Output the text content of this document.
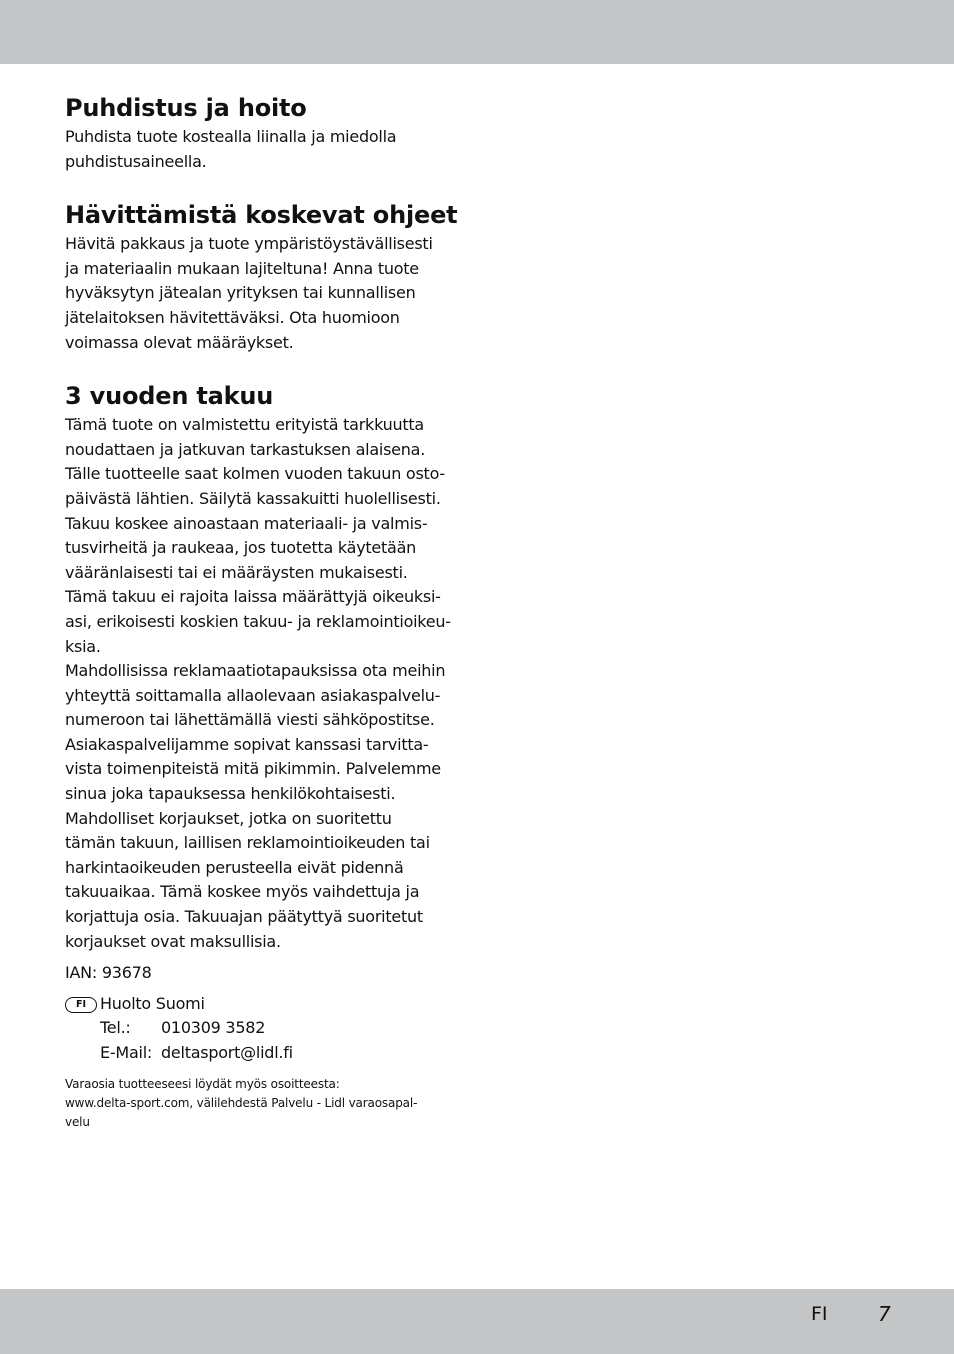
Puhdistus ja hoito
Puhdista tuote kostealla liinalla ja miedolla
puhdistusaineella.
Hävittämistä koskevat ohjeet
Hävitä pakkaus ja tuote ympäristöystävällisesti
ja materiaalin mukaan lajiteltuna! Anna tuote
hyväksytyn jätealan yrityksen tai kunnallisen
jätelaitoksen hävitettäväksi. Ota huomioon
voimassa olevat määräykset.
3 vuoden takuu
Tämä tuote on valmistettu erityistä tarkkuutta
noudattaen ja jatkuvan tarkastuksen alaisena.
Tälle tuotteelle saat kolmen vuoden takuun osto-
päivästä lähtien. Säilytä kassakuitti huolellisesti.
Takuu koskee ainoastaan materiaali- ja valmis-
tusvirheitä ja raukeaa, jos tuotetta käytetään
vääränlaisesti tai ei määräysten mukaisesti.
Tämä takuu ei rajoita laissa määrättyjä oikeuksi-
asi, erikoisesti koskien takuu- ja reklamointioikeu-
ksia.
Mahdollisissa reklamaatiotapauksissa ota meihin
yhteyttä soittamalla allaolevaan asiakaspalvelu-
numeroon tai lähettämällä viesti sähköpostitse.
Asiakaspalvelijamme sopivat kanssasi tarvitta-
vista toimenpiteistä mitä pikimmin. Palvelemme
sinua joka tapauksessa henkilökohtaisesti.
Mahdolliset korjaukset, jotka on suoritettu
tämän takuun, laillisen reklamointioikeuden tai
harkintaoikeuden perusteella eivät pidennä
takuuaikaa. Tämä koskee myös vaihdettuja ja
korjattuja osia. Takuuajan päätyttyä suoritetut
korjaukset ovat maksullisia.
IAN: 93678
FI Huolto Suomi
Tel.: 010309 3582
E-Mail: deltasport@lidl.fi
Varaosia tuotteeseesi löydät myös osoitteesta:
www.delta-sport.com, välilehdestä Palvelu - Lidl varaosapal-
velu
FI	7
